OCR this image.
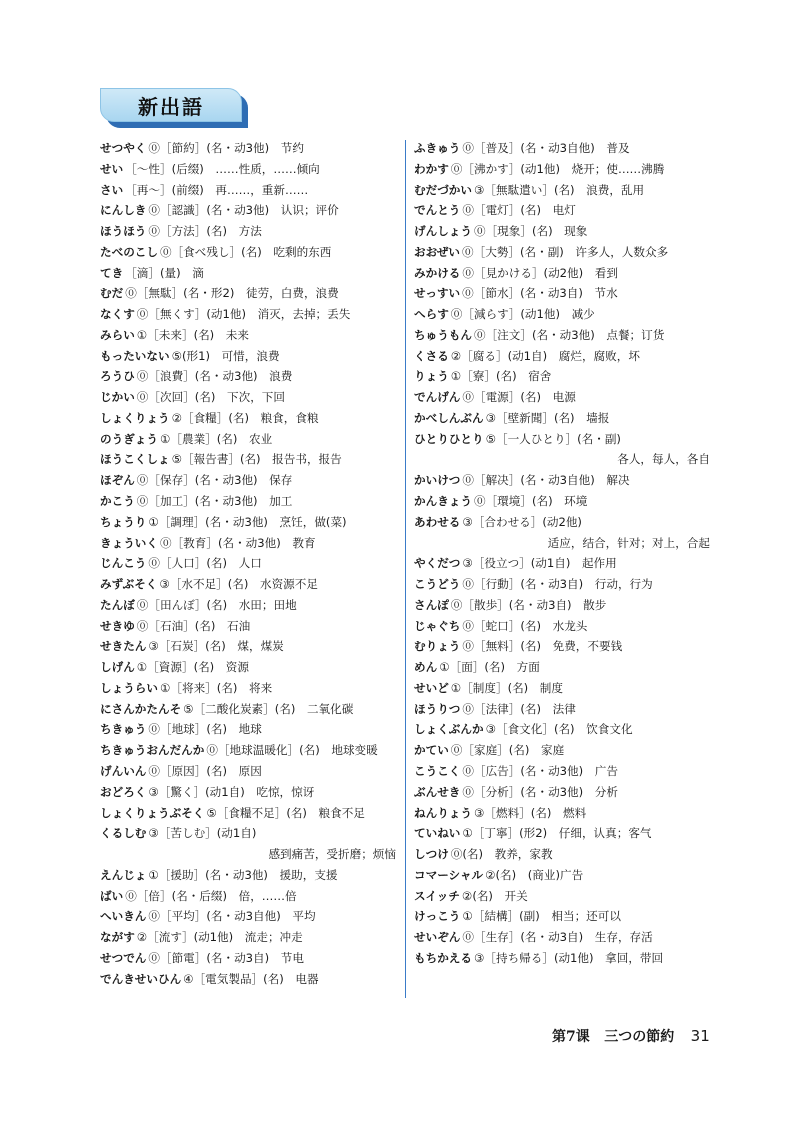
新出語
せつやく ⓪［節約］(名・动3他)　节约
せい ［～性］(后缀)　……性质，……倾向
さい ［再～］(前缀)　再……，重新……
にんしき ⓪［認識］(名・动3他)　认识；评价
ほうほう ⓪［方法］(名)　方法
たべのこし ⓪［食べ残し］(名)　吃剩的东西
てき ［滴］(量)　滴
むだ ⓪［無駄］(名・形2)　徒劳，白费，浪费
なくす ⓪［無くす］(动1他)　消灭，去掉；丢失
みらい ①［未来］(名)　未来
もったいない ⑤(形1)　可惜，浪费
ろうひ ⓪［浪費］(名・动3他)　浪费
じかい ⓪［次回］(名)　下次，下回
しょくりょう ②［食糧］(名)　粮食，食粮
のうぎょう ①［農業］(名)　农业
ほうこくしょ ⑤［報告書］(名)　报告书，报告
ほぞん ⓪［保存］(名・动3他)　保存
かこう ⓪［加工］(名・动3他)　加工
ちょうり ①［調理］(名・动3他)　烹饪，做(菜)
きょういく ⓪［教育］(名・动3他)　教育
じんこう ⓪［人口］(名)　人口
みずぶそく ③［水不足］(名)　水资源不足
たんぼ ⓪［田んぼ］(名)　水田；田地
せきゆ ⓪［石油］(名)　石油
せきたん ③［石炭］(名)　煤，煤炭
しげん ①［資源］(名)　资源
しょうらい ①［将来］(名)　将来
にさんかたんそ ⑤［二酸化炭素］(名)　二氧化碳
ちきゅう ⓪［地球］(名)　地球
ちきゅうおんだんか ⓪［地球温暖化］(名)　地球变暖
げんいん ⓪［原因］(名)　原因
おどろく ③［驚く］(动1自)　吃惊，惊讶
しょくりょうぶそく ⑤［食糧不足］(名)　粮食不足
くるしむ ③［苦しむ］(动1自)
感到痛苦，受折磨；烦恼
えんじょ ①［援助］(名・动3他)　援助，支援
ばい ⓪［倍］(名・后缀)　倍，……倍
へいきん ⓪［平均］(名・动3自他)　平均
ながす ②［流す］(动1他)　流走；冲走
せつでん ⓪［節電］(名・动3自)　节电
でんきせいひん ④［電気製品］(名)　电器
ふきゅう ⓪［普及］(名・动3自他)　普及
わかす ⓪［沸かす］(动1他)　烧开；使……沸腾
むだづかい ③［無駄遣い］(名)　浪费，乱用
でんとう ⓪［電灯］(名)　电灯
げんしょう ⓪［現象］(名)　现象
おおぜい ⓪［大勢］(名・副)　许多人，人数众多
みかける ⓪［見かける］(动2他)　看到
せっすい ⓪［節水］(名・动3自)　节水
へらす ⓪［減らす］(动1他)　减少
ちゅうもん ⓪［注文］(名・动3他)　点餐；订货
くさる ②［腐る］(动1自)　腐烂，腐败，坏
りょう ①［寮］(名)　宿舍
でんげん ⓪［電源］(名)　电源
かべしんぶん ③［壁新聞］(名)　墙报
ひとりひとり ⑤［一人ひとり］(名・副)
各人，每人，各自
かいけつ ⓪［解决］(名・动3自他)　解决
かんきょう ⓪［環境］(名)　环境
あわせる ③［合わせる］(动2他)
适应，结合，针对；对上，合起
やくだつ ③［役立つ］(动1自)　起作用
こうどう ⓪［行動］(名・动3自)　行动，行为
さんぽ ⓪［散歩］(名・动3自)　散步
じゃぐち ⓪［蛇口］(名)　水龙头
むりょう ⓪［無料］(名)　免费，不要钱
めん ①［面］(名)　方面
せいど ①［制度］(名)　制度
ほうりつ ⓪［法律］(名)　法律
しょくぶんか ③［食文化］(名)　饮食文化
かてい ⓪［家庭］(名)　家庭
こうこく ⓪［広告］(名・动3他)　广告
ぶんせき ⓪［分析］(名・动3他)　分析
ねんりょう ③［燃料］(名)　燃料
ていねい ①［丁寧］(形2)　仔细，认真；客气
しつけ ⓪(名)　教养，家教
コマーシャル ②(名)　(商业)广告
スイッチ ②(名)　开关
けっこう ①［結構］(副)　相当；还可以
せいぞん ⓪［生存］(名・动3自)　生存，存活
もちかえる ③［持ち帰る］(动1他)　拿回，带回
第7课 三つの節約 31
